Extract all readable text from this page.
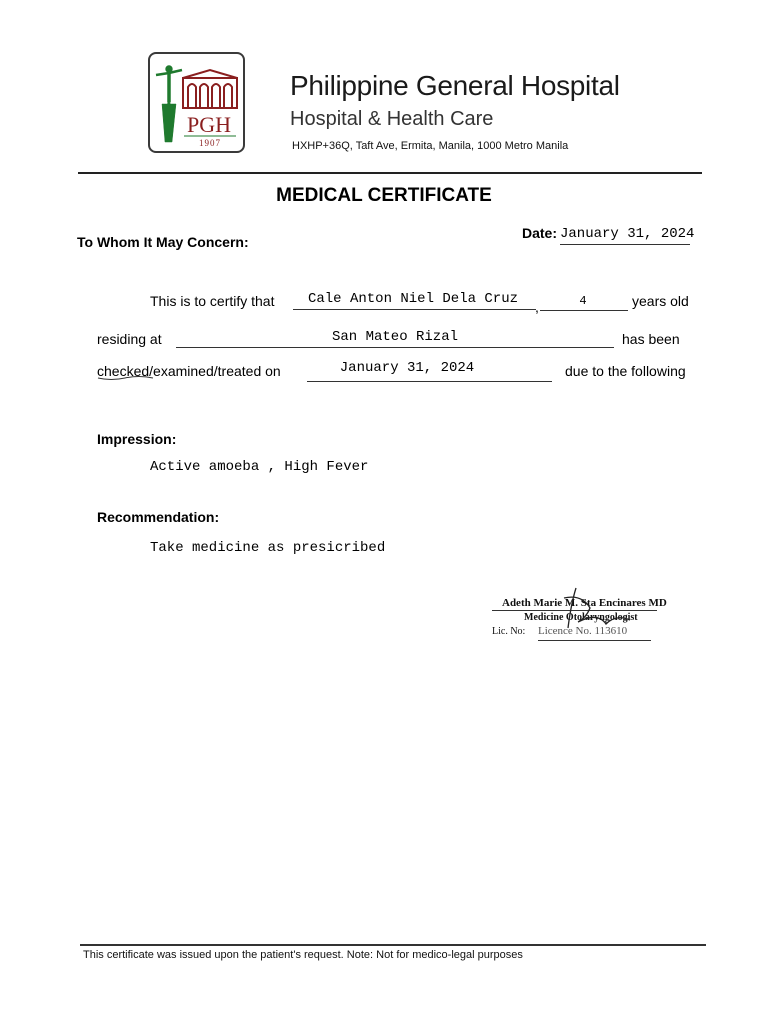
PGH
1907
Philippine General Hospital
Hospital & Health Care
HXHP+36Q, Taft Ave, Ermita, Manila, 1000 Metro Manila
MEDICAL CERTIFICATE
To Whom It May Concern:
Date: January 31, 2024
This is to certify that	Cale Anton Niel Dela Cruz	,	4	years old
residing at	San Mateo Rizal	has been
checked/examined/treated on	January 31, 2024	due to the following
Impression:
Active amoeba , High Fever
Recommendation:
Take medicine as presicribed
Adeth Marie M. Sta Encinares MD
Medicine Otolaryngologist
Lic. No: Licence No. 113610
This certificate was issued upon the patient's request. Note: Not for medico-legal purposes
